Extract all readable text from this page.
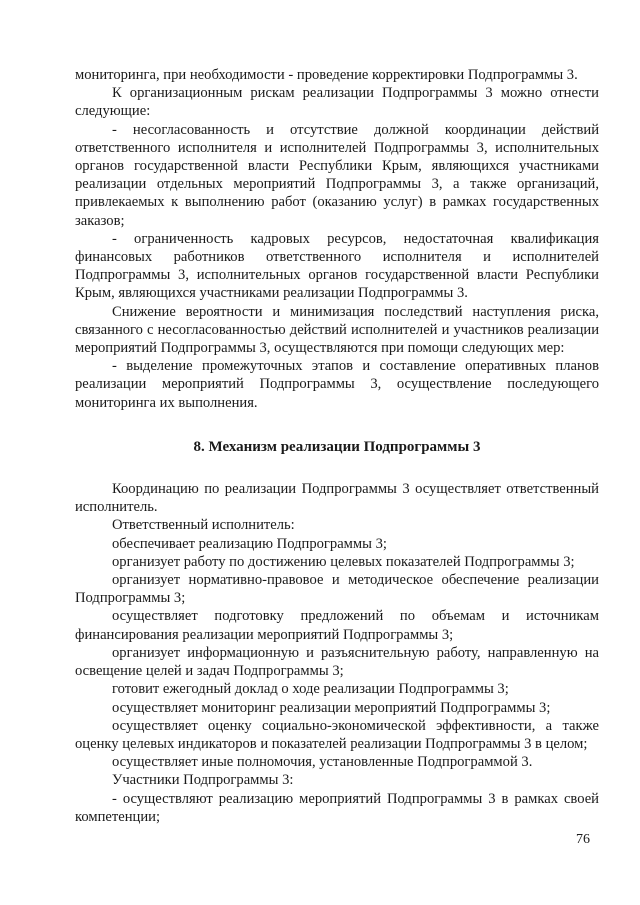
мониторинга, при необходимости - проведение корректировки Подпрограммы 3.

К организационным рискам реализации Подпрограммы 3 можно отнести следующие:

- несогласованность и отсутствие должной координации действий ответственного исполнителя и исполнителей Подпрограммы 3, исполнительных органов государственной власти Республики Крым, являющихся участниками реализации отдельных мероприятий Подпрограммы 3, а также организаций, привлекаемых к выполнению работ (оказанию услуг) в рамках государственных заказов;

- ограниченность кадровых ресурсов, недостаточная квалификация финансовых работников ответственного исполнителя и исполнителей Подпрограммы 3, исполнительных органов государственной власти Республики Крым, являющихся участниками реализации Подпрограммы 3.

Снижение вероятности и минимизация последствий наступления риска, связанного с несогласованностью действий исполнителей и участников реализации мероприятий Подпрограммы 3, осуществляются при помощи следующих мер:

- выделение промежуточных этапов и составление оперативных планов реализации мероприятий Подпрограммы 3, осуществление последующего мониторинга их выполнения.

8. Механизм реализации Подпрограммы 3

Координацию по реализации Подпрограммы 3 осуществляет ответственный исполнитель.

Ответственный исполнитель:

обеспечивает реализацию Подпрограммы 3;

организует работу по достижению целевых показателей Подпрограммы 3;

организует нормативно-правовое и методическое обеспечение реализации Подпрограммы 3;

осуществляет подготовку предложений по объемам и источникам финансирования реализации мероприятий Подпрограммы 3;

организует информационную и разъяснительную работу, направленную на освещение целей и задач Подпрограммы 3;

готовит ежегодный доклад о ходе реализации Подпрограммы 3;

осуществляет мониторинг реализации мероприятий Подпрограммы 3;

осуществляет оценку социально-экономической эффективности, а также оценку целевых индикаторов и показателей реализации Подпрограммы 3 в целом;

осуществляет иные полномочия, установленные Подпрограммой 3.

Участники Подпрограммы 3:

- осуществляют реализацию мероприятий Подпрограммы 3 в рамках своей компетенции;

76
